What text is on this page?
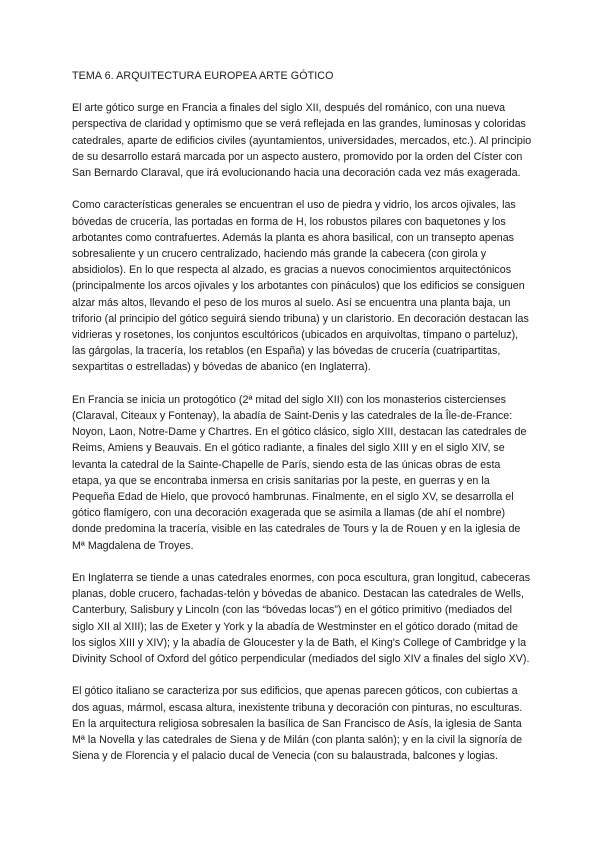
TEMA 6. ARQUITECTURA EUROPEA ARTE GÓTICO

El arte gótico surge en Francia a finales del siglo XII, después del románico, con una nueva perspectiva de claridad y optimismo que se verá reflejada en las grandes, luminosas y coloridas catedrales, aparte de edificios civiles (ayuntamientos, universidades, mercados, etc.). Al principio de su desarrollo estará marcada por un aspecto austero, promovido por la orden del Císter con San Bernardo Claraval, que irá evolucionando hacia una decoración cada vez más exagerada.

Como características generales se encuentran el uso de piedra y vidrio, los arcos ojivales, las bóvedas de crucería, las portadas en forma de H, los robustos pilares con baquetones y los arbotantes como contrafuertes. Además la planta es ahora basilical, con un transepto apenas sobresaliente y un crucero centralizado, haciendo más grande la cabecera (con girola y absidiolos). En lo que respecta al alzado, es gracias a nuevos conocimientos arquitectónicos (principalmente los arcos ojivales y los arbotantes con pináculos) que los edificios se consiguen alzar más altos, llevando el peso de los muros al suelo. Así se encuentra una planta baja, un triforio (al principio del gótico seguirá siendo tribuna) y un claristorio. En decoración destacan las vidrieras y rosetones, los conjuntos escultóricos (ubicados en arquivoltas, tímpano o parteluz), las gárgolas, la tracería, los retablos (en España) y las bóvedas de crucería (cuatripartitas, sexpartitas o estrelladas) y bóvedas de abanico (en Inglaterra).

En Francia se inicia un protogótico (2ª mitad del siglo XII) con los monasterios cistercienses (Claraval, Citeaux y Fontenay), la abadía de Saint-Denis y las catedrales de la Île-de-France: Noyon, Laon, Notre-Dame y Chartres. En el gótico clásico, siglo XIII, destacan las catedrales de Reims, Amiens y Beauvais. En el gótico radiante, a finales del siglo XIII y en el siglo XIV, se levanta la catedral de la Sainte-Chapelle de París, siendo esta de las únicas obras de esta etapa, ya que se encontraba inmersa en crisis sanitarias por la peste, en guerras y en la Pequeña Edad de Hielo, que provocó hambrunas. Finalmente, en el siglo XV, se desarrolla el gótico flamígero, con una decoración exagerada que se asimila a llamas (de ahí el nombre) donde predomina la tracería, visible en las catedrales de Tours y la de Rouen y en la iglesia de Mª Magdalena de Troyes.

En Inglaterra se tiende a unas catedrales enormes, con poca escultura, gran longitud, cabeceras planas, doble crucero, fachadas-telón y bóvedas de abanico. Destacan las catedrales de Wells, Canterbury, Salisbury y Lincoln (con las “bóvedas locas”) en el gótico primitivo (mediados del siglo XII al XIII); las de Exeter y York y la abadía de Westminster en el gótico dorado (mitad de los siglos XIII y XIV); y la abadía de Gloucester y la de Bath, el King's College of Cambridge y la Divinity School of Oxford del gótico perpendicular (mediados del siglo XIV a finales del siglo XV).

El gótico italiano se caracteriza por sus edificios, que apenas parecen góticos, con cubiertas a dos aguas, mármol, escasa altura, inexistente tribuna y decoración con pinturas, no esculturas. En la arquitectura religiosa sobresalen la basílica de San Francisco de Asís, la iglesia de Santa Mª la Novella y las catedrales de Siena y de Milán (con planta salón); y en la civil la signoría de Siena y de Florencia y el palacio ducal de Venecia (con su balaustrada, balcones y logias.
